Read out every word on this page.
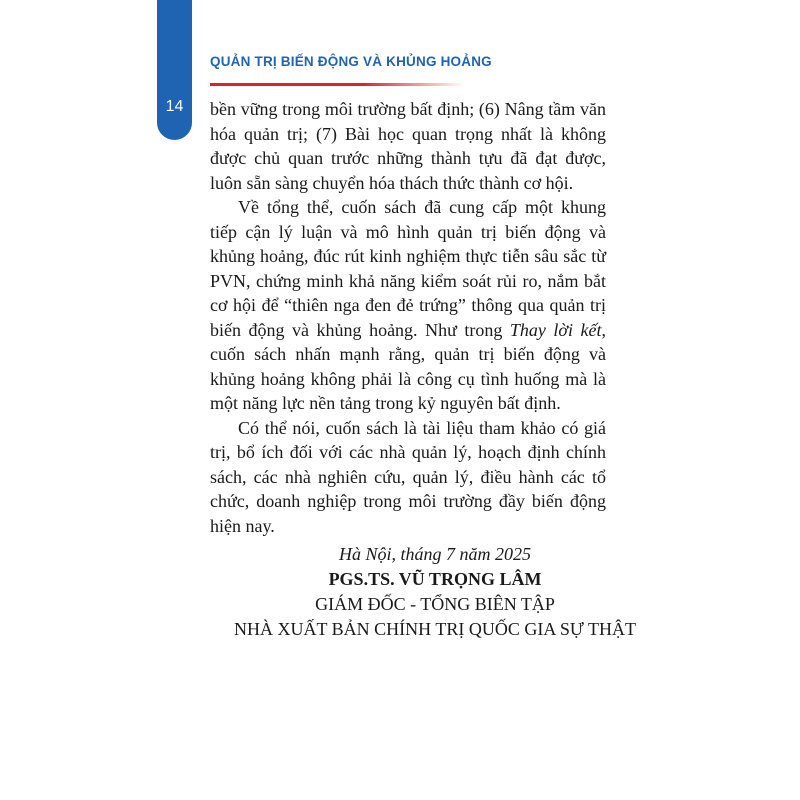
14
QUẢN TRỊ BIẾN ĐỘNG VÀ KHỦNG HOẢNG

bền vững trong môi trường bất định; (6) Nâng tầm văn hóa quản trị; (7) Bài học quan trọng nhất là không được chủ quan trước những thành tựu đã đạt được, luôn sẵn sàng chuyển hóa thách thức thành cơ hội.

Về tổng thể, cuốn sách đã cung cấp một khung tiếp cận lý luận và mô hình quản trị biến động và khủng hoảng, đúc rút kinh nghiệm thực tiễn sâu sắc từ PVN, chứng minh khả năng kiểm soát rủi ro, nắm bắt cơ hội để “thiên nga đen đẻ trứng” thông qua quản trị biến động và khủng hoảng. Như trong Thay lời kết, cuốn sách nhấn mạnh rằng, quản trị biến động và khủng hoảng không phải là công cụ tình huống mà là một năng lực nền tảng trong kỷ nguyên bất định.

Có thể nói, cuốn sách là tài liệu tham khảo có giá trị, bổ ích đối với các nhà quản lý, hoạch định chính sách, các nhà nghiên cứu, quản lý, điều hành các tổ chức, doanh nghiệp trong môi trường đầy biến động hiện nay.

Hà Nội, tháng 7 năm 2025
PGS.TS. VŨ TRỌNG LÂM
GIÁM ĐỐC - TỔNG BIÊN TẬP
NHÀ XUẤT BẢN CHÍNH TRỊ QUỐC GIA SỰ THẬT
